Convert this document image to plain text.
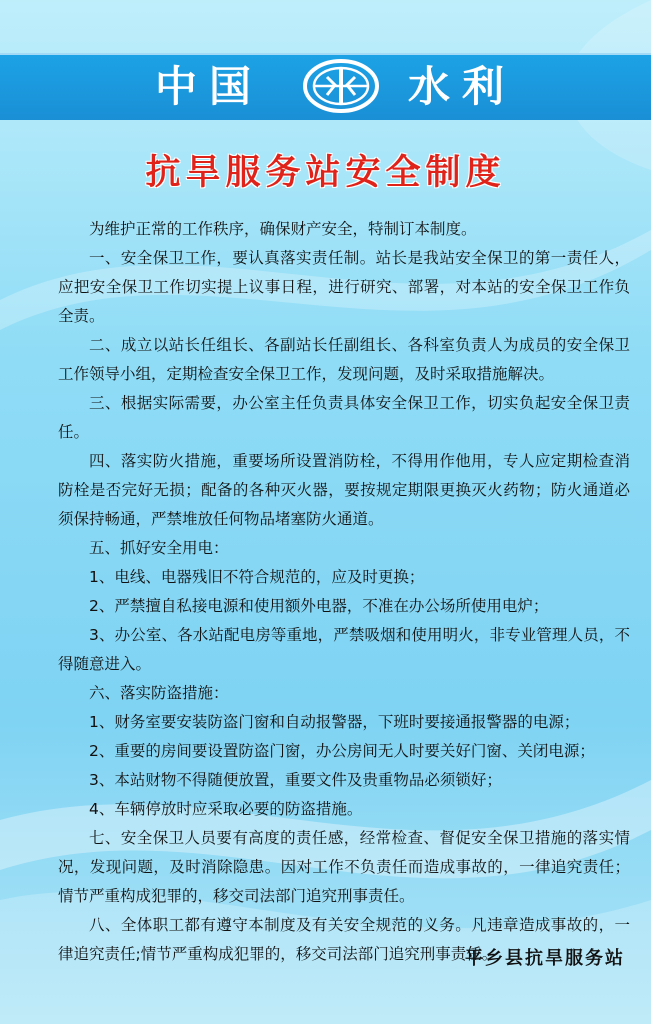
中国	水利
抗旱服务站安全制度

为维护正常的工作秩序，确保财产安全，特制订本制度。

一、安全保卫工作，要认真落实责任制。站长是我站安全保卫的第一责任人，应把安全保卫工作切实提上议事日程，进行研究、部署，对本站的安全保卫工作负全责。

二、成立以站长任组长、各副站长任副组长、各科室负责人为成员的安全保卫工作领导小组，定期检查安全保卫工作，发现问题，及时采取措施解决。

三、根据实际需要，办公室主任负责具体安全保卫工作，切实负起安全保卫责任。

四、落实防火措施，重要场所设置消防栓，不得用作他用，专人应定期检查消防栓是否完好无损；配备的各种灭火器，要按规定期限更换灭火药物；防火通道必须保持畅通，严禁堆放任何物品堵塞防火通道。

五、抓好安全用电：

1、电线、电器残旧不符合规范的，应及时更换；

2、严禁擅自私接电源和使用额外电器，不准在办公场所使用电炉；

3、办公室、各水站配电房等重地，严禁吸烟和使用明火，非专业管理人员，不得随意进入。

六、落实防盗措施：

1、财务室要安装防盗门窗和自动报警器，下班时要接通报警器的电源；

2、重要的房间要设置防盗门窗，办公房间无人时要关好门窗、关闭电源；

3、本站财物不得随便放置，重要文件及贵重物品必须锁好；

4、车辆停放时应采取必要的防盗措施。

七、安全保卫人员要有高度的责任感，经常检查、督促安全保卫措施的落实情况，发现问题，及时消除隐患。因对工作不负责任而造成事故的，一律追究责任；情节严重构成犯罪的，移交司法部门追究刑事责任。

八、全体职工都有遵守本制度及有关安全规范的义务。凡违章造成事故的，一律追究责任;情节严重构成犯罪的，移交司法部门追究刑事责任。

平乡县抗旱服务站
